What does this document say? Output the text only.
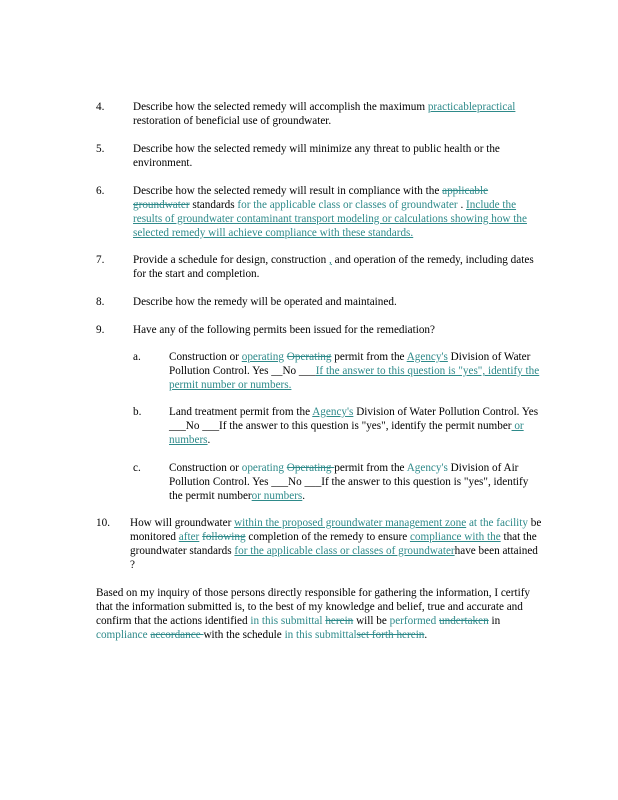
4.	Describe how the selected remedy will accomplish the maximum practicablepractical restoration of beneficial use of groundwater.
5.	Describe how the selected remedy will minimize any threat to public health or the environment.
6.	Describe how the selected remedy will result in compliance with the applicable groundwater standards for the applicable class or classes of groundwater . Include the results of groundwater contaminant transport modeling or calculations showing how the selected remedy will achieve compliance with these standards.
7.	Provide a schedule for design, construction , and operation of the remedy, including dates for the start and completion.
8.	Describe how the remedy will be operated and maintained.
9.	Have any of the following permits been issued for the remediation?
a.	Construction or operating Operating permit from the Agency's Division of Water Pollution Control. Yes __No ___If the answer to this question is "yes", identify the permit number or numbers.
b. Land treatment permit from the Agency's Division of Water Pollution Control. Yes ___No ___If the answer to this question is "yes", identify the permit number or numbers.
c.	Construction or operating Operating permit from the Agency's Division of Air Pollution Control. Yes ___No ___If the answer to this question is "yes", identify the permit numberor numbers.
10. How will groundwater within the proposed groundwater management zone at the facility be monitored after following completion of the remedy to ensure compliance with the that the groundwater standards for the applicable class or classes of groundwaterhave been attained ?
Based on my inquiry of those persons directly responsible for gathering the information, I certify that the information submitted is, to the best of my knowledge and belief, true and accurate and confirm that the actions identified in this submittal herein will be performed undertaken in compliance accordance with the schedule in this submittalset forth herein.
